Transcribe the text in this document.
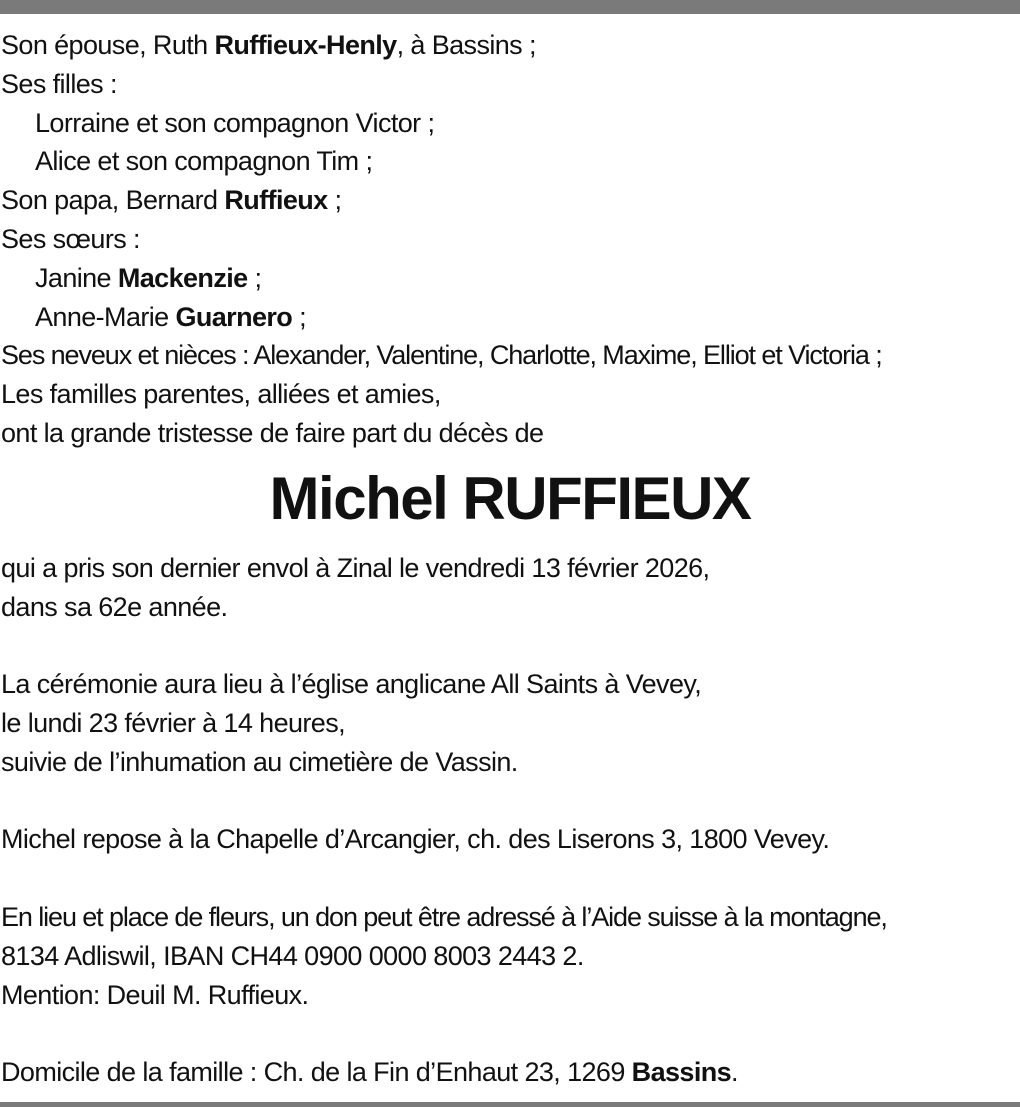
Son épouse, Ruth Ruffieux-Henly, à Bassins ;
Ses filles :
Lorraine et son compagnon Victor ;
Alice et son compagnon Tim ;
Son papa, Bernard Ruffieux ;
Ses sœurs :
Janine Mackenzie ;
Anne-Marie Guarnero ;
Ses neveux et nièces : Alexander, Valentine, Charlotte, Maxime, Elliot et Victoria ;
Les familles parentes, alliées et amies,
ont la grande tristesse de faire part du décès de
Michel RUFFIEUX
qui a pris son dernier envol à Zinal le vendredi 13 février 2026,
dans sa 62e année.
La cérémonie aura lieu à l’église anglicane All Saints à Vevey,
le lundi 23 février à 14 heures,
suivie de l’inhumation au cimetière de Vassin.
Michel repose à la Chapelle d’Arcangier, ch. des Liserons 3, 1800 Vevey.
En lieu et place de fleurs, un don peut être adressé à l’Aide suisse à la montagne,
8134 Adliswil, IBAN CH44 0900 0000 8003 2443 2.
Mention: Deuil M. Ruffieux.
Domicile de la famille : Ch. de la Fin d’Enhaut 23, 1269 Bassins.
